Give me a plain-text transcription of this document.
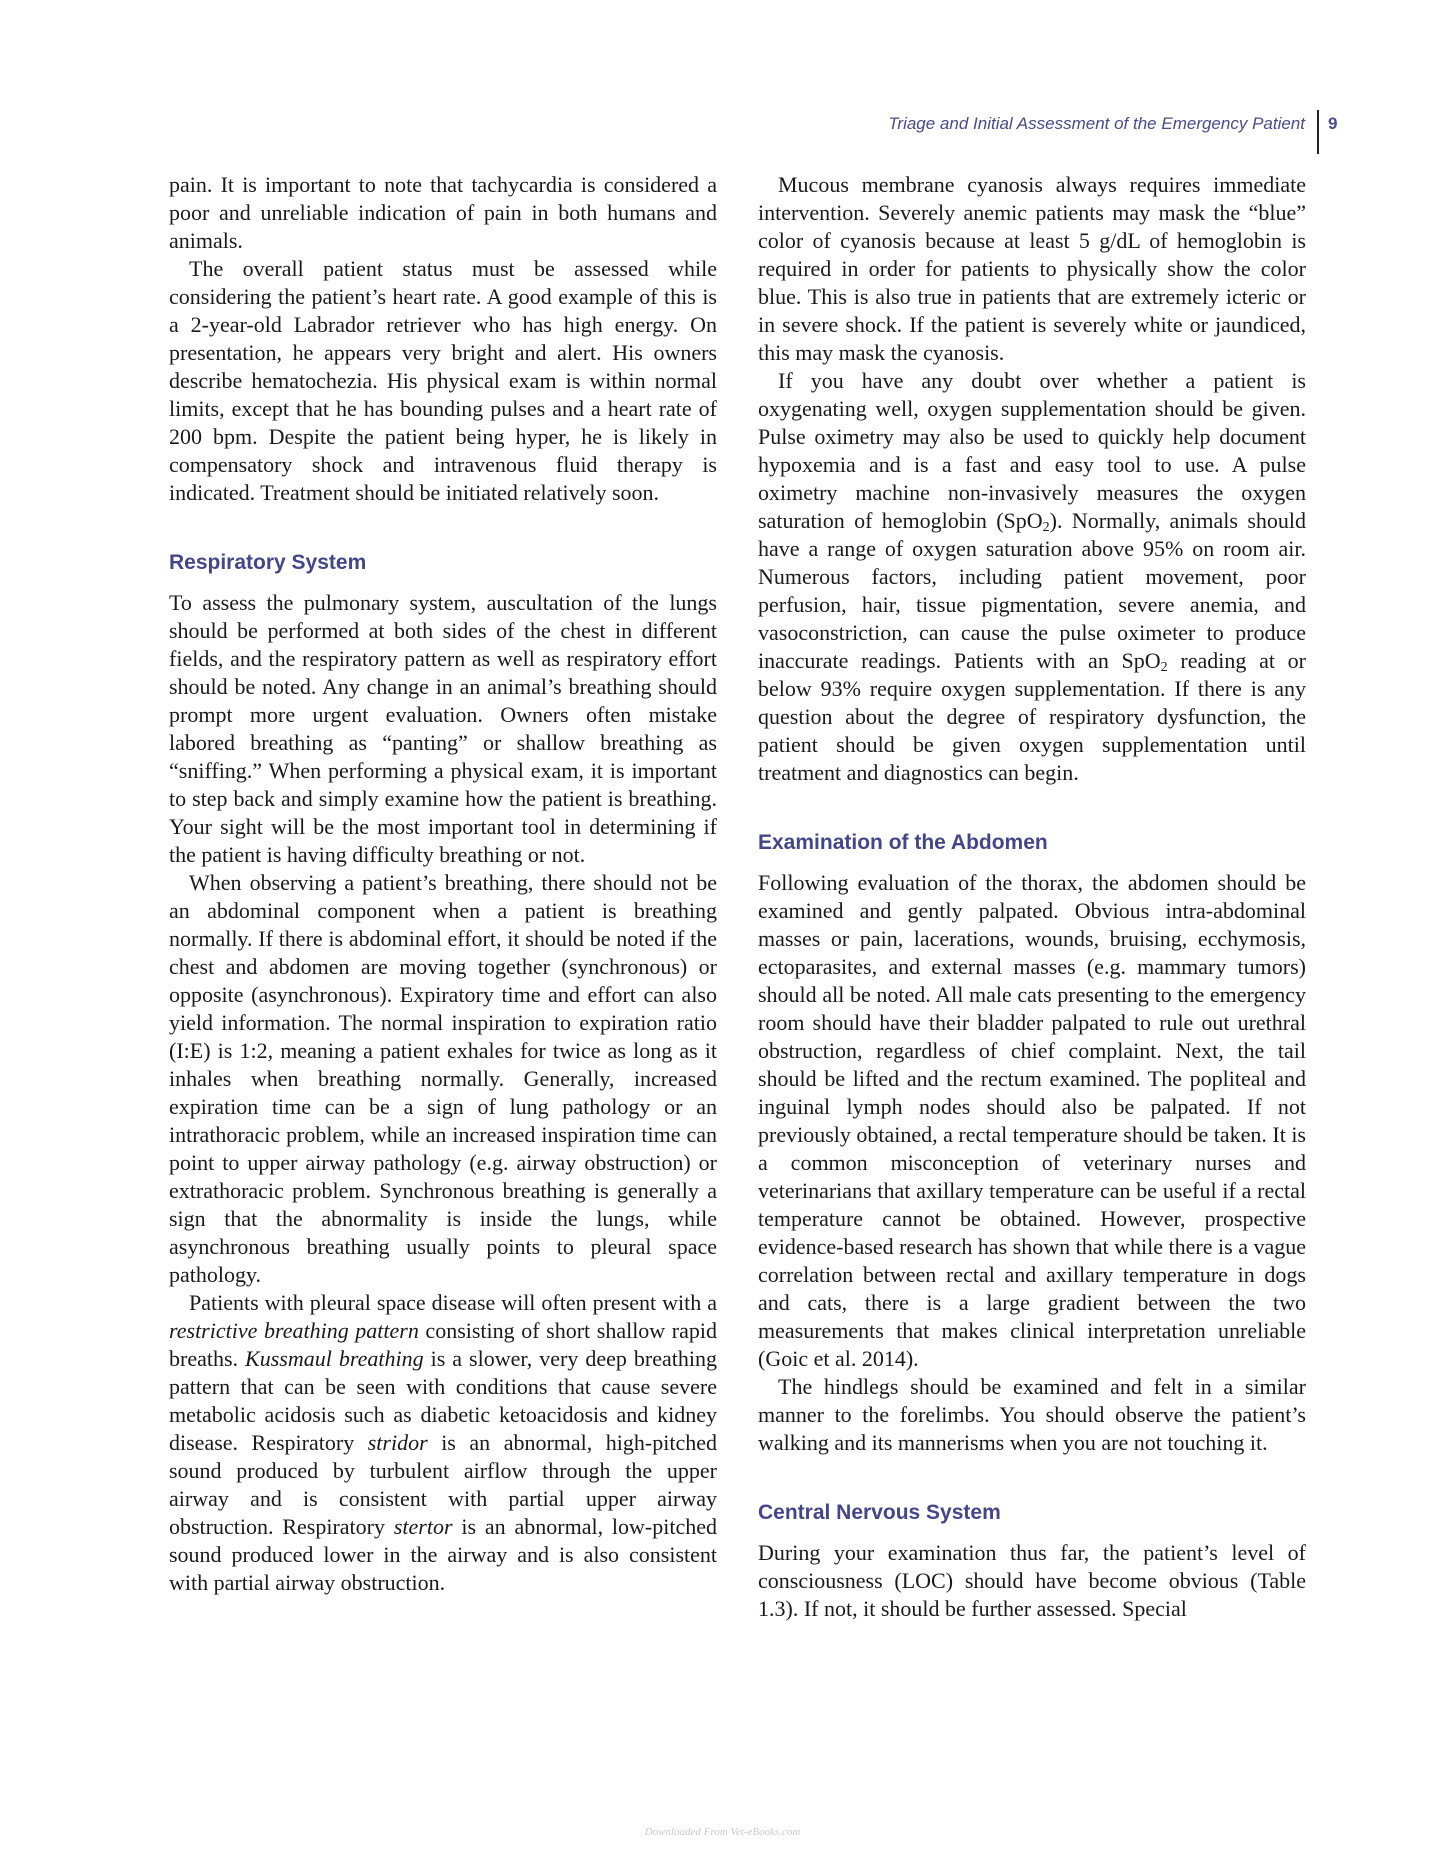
Triage and Initial Assessment of the Emergency Patient 9

pain. It is important to note that tachycardia is considered a poor and unreliable indication of pain in both humans and animals.

The overall patient status must be assessed while considering the patient’s heart rate. A good example of this is a 2-year-old Labrador retriever who has high energy. On presentation, he appears very bright and alert. His owners describe hematochezia. His physical exam is within normal limits, except that he has bounding pulses and a heart rate of 200 bpm. Despite the patient being hyper, he is likely in compensatory shock and intravenous fluid therapy is indicated. Treatment should be initiated relatively soon.

Respiratory System

To assess the pulmonary system, auscultation of the lungs should be performed at both sides of the chest in different fields, and the respiratory pattern as well as respiratory effort should be noted. Any change in an animal’s breathing should prompt more urgent evaluation. Owners often mistake labored breathing as “panting” or shallow breathing as “sniffing.” When performing a physical exam, it is important to step back and simply examine how the patient is breathing. Your sight will be the most important tool in determining if the patient is having difficulty breathing or not.

When observing a patient’s breathing, there should not be an abdominal component when a patient is breathing normally. If there is abdominal effort, it should be noted if the chest and abdomen are moving together (synchronous) or opposite (asynchronous). Expiratory time and effort can also yield information. The normal inspiration to expiration ratio (I:E) is 1:2, meaning a patient exhales for twice as long as it inhales when breathing normally. Generally, increased expiration time can be a sign of lung pathology or an intrathoracic problem, while an increased inspiration time can point to upper airway pathology (e.g. airway obstruction) or extrathoracic problem. Synchronous breathing is generally a sign that the abnormality is inside the lungs, while asynchronous breathing usually points to pleural space pathology.

Patients with pleural space disease will often present with a restrictive breathing pattern consisting of short shallow rapid breaths. Kussmaul breathing is a slower, very deep breathing pattern that can be seen with conditions that cause severe metabolic acidosis such as diabetic ketoacidosis and kidney disease. Respiratory stridor is an abnormal, high-pitched sound produced by turbulent airflow through the upper airway and is consistent with partial upper airway obstruction. Respiratory stertor is an abnormal, low-pitched sound produced lower in the airway and is also consistent with partial airway obstruction.

Mucous membrane cyanosis always requires immediate intervention. Severely anemic patients may mask the “blue” color of cyanosis because at least 5 g/dL of hemoglobin is required in order for patients to physically show the color blue. This is also true in patients that are extremely icteric or in severe shock. If the patient is severely white or jaundiced, this may mask the cyanosis.

If you have any doubt over whether a patient is oxygenating well, oxygen supplementation should be given. Pulse oximetry may also be used to quickly help document hypoxemia and is a fast and easy tool to use. A pulse oximetry machine non-invasively measures the oxygen saturation of hemoglobin (SpO$_2$). Normally, animals should have a range of oxygen saturation above 95% on room air. Numerous factors, including patient movement, poor perfusion, hair, tissue pigmentation, severe anemia, and vasoconstriction, can cause the pulse oximeter to produce inaccurate readings. Patients with an SpO$_2$ reading at or below 93% require oxygen supplementation. If there is any question about the degree of respiratory dysfunction, the patient should be given oxygen supplementation until treatment and diagnostics can begin.

Examination of the Abdomen

Following evaluation of the thorax, the abdomen should be examined and gently palpated. Obvious intra-abdominal masses or pain, lacerations, wounds, bruising, ecchymosis, ectoparasites, and external masses (e.g. mammary tumors) should all be noted. All male cats presenting to the emergency room should have their bladder palpated to rule out urethral obstruction, regardless of chief complaint. Next, the tail should be lifted and the rectum examined. The popliteal and inguinal lymph nodes should also be palpated. If not previously obtained, a rectal temperature should be taken. It is a common misconception of veterinary nurses and veterinarians that axillary temperature can be useful if a rectal temperature cannot be obtained. However, prospective evidence-based research has shown that while there is a vague correlation between rectal and axillary temperature in dogs and cats, there is a large gradient between the two measurements that makes clinical interpretation unreliable (Goic et al. 2014).

The hindlegs should be examined and felt in a similar manner to the forelimbs. You should observe the patient’s walking and its mannerisms when you are not touching it.

Central Nervous System

During your examination thus far, the patient’s level of consciousness (LOC) should have become obvious (Table 1.3). If not, it should be further assessed. Special

Downloaded From Vet-eBooks.com
